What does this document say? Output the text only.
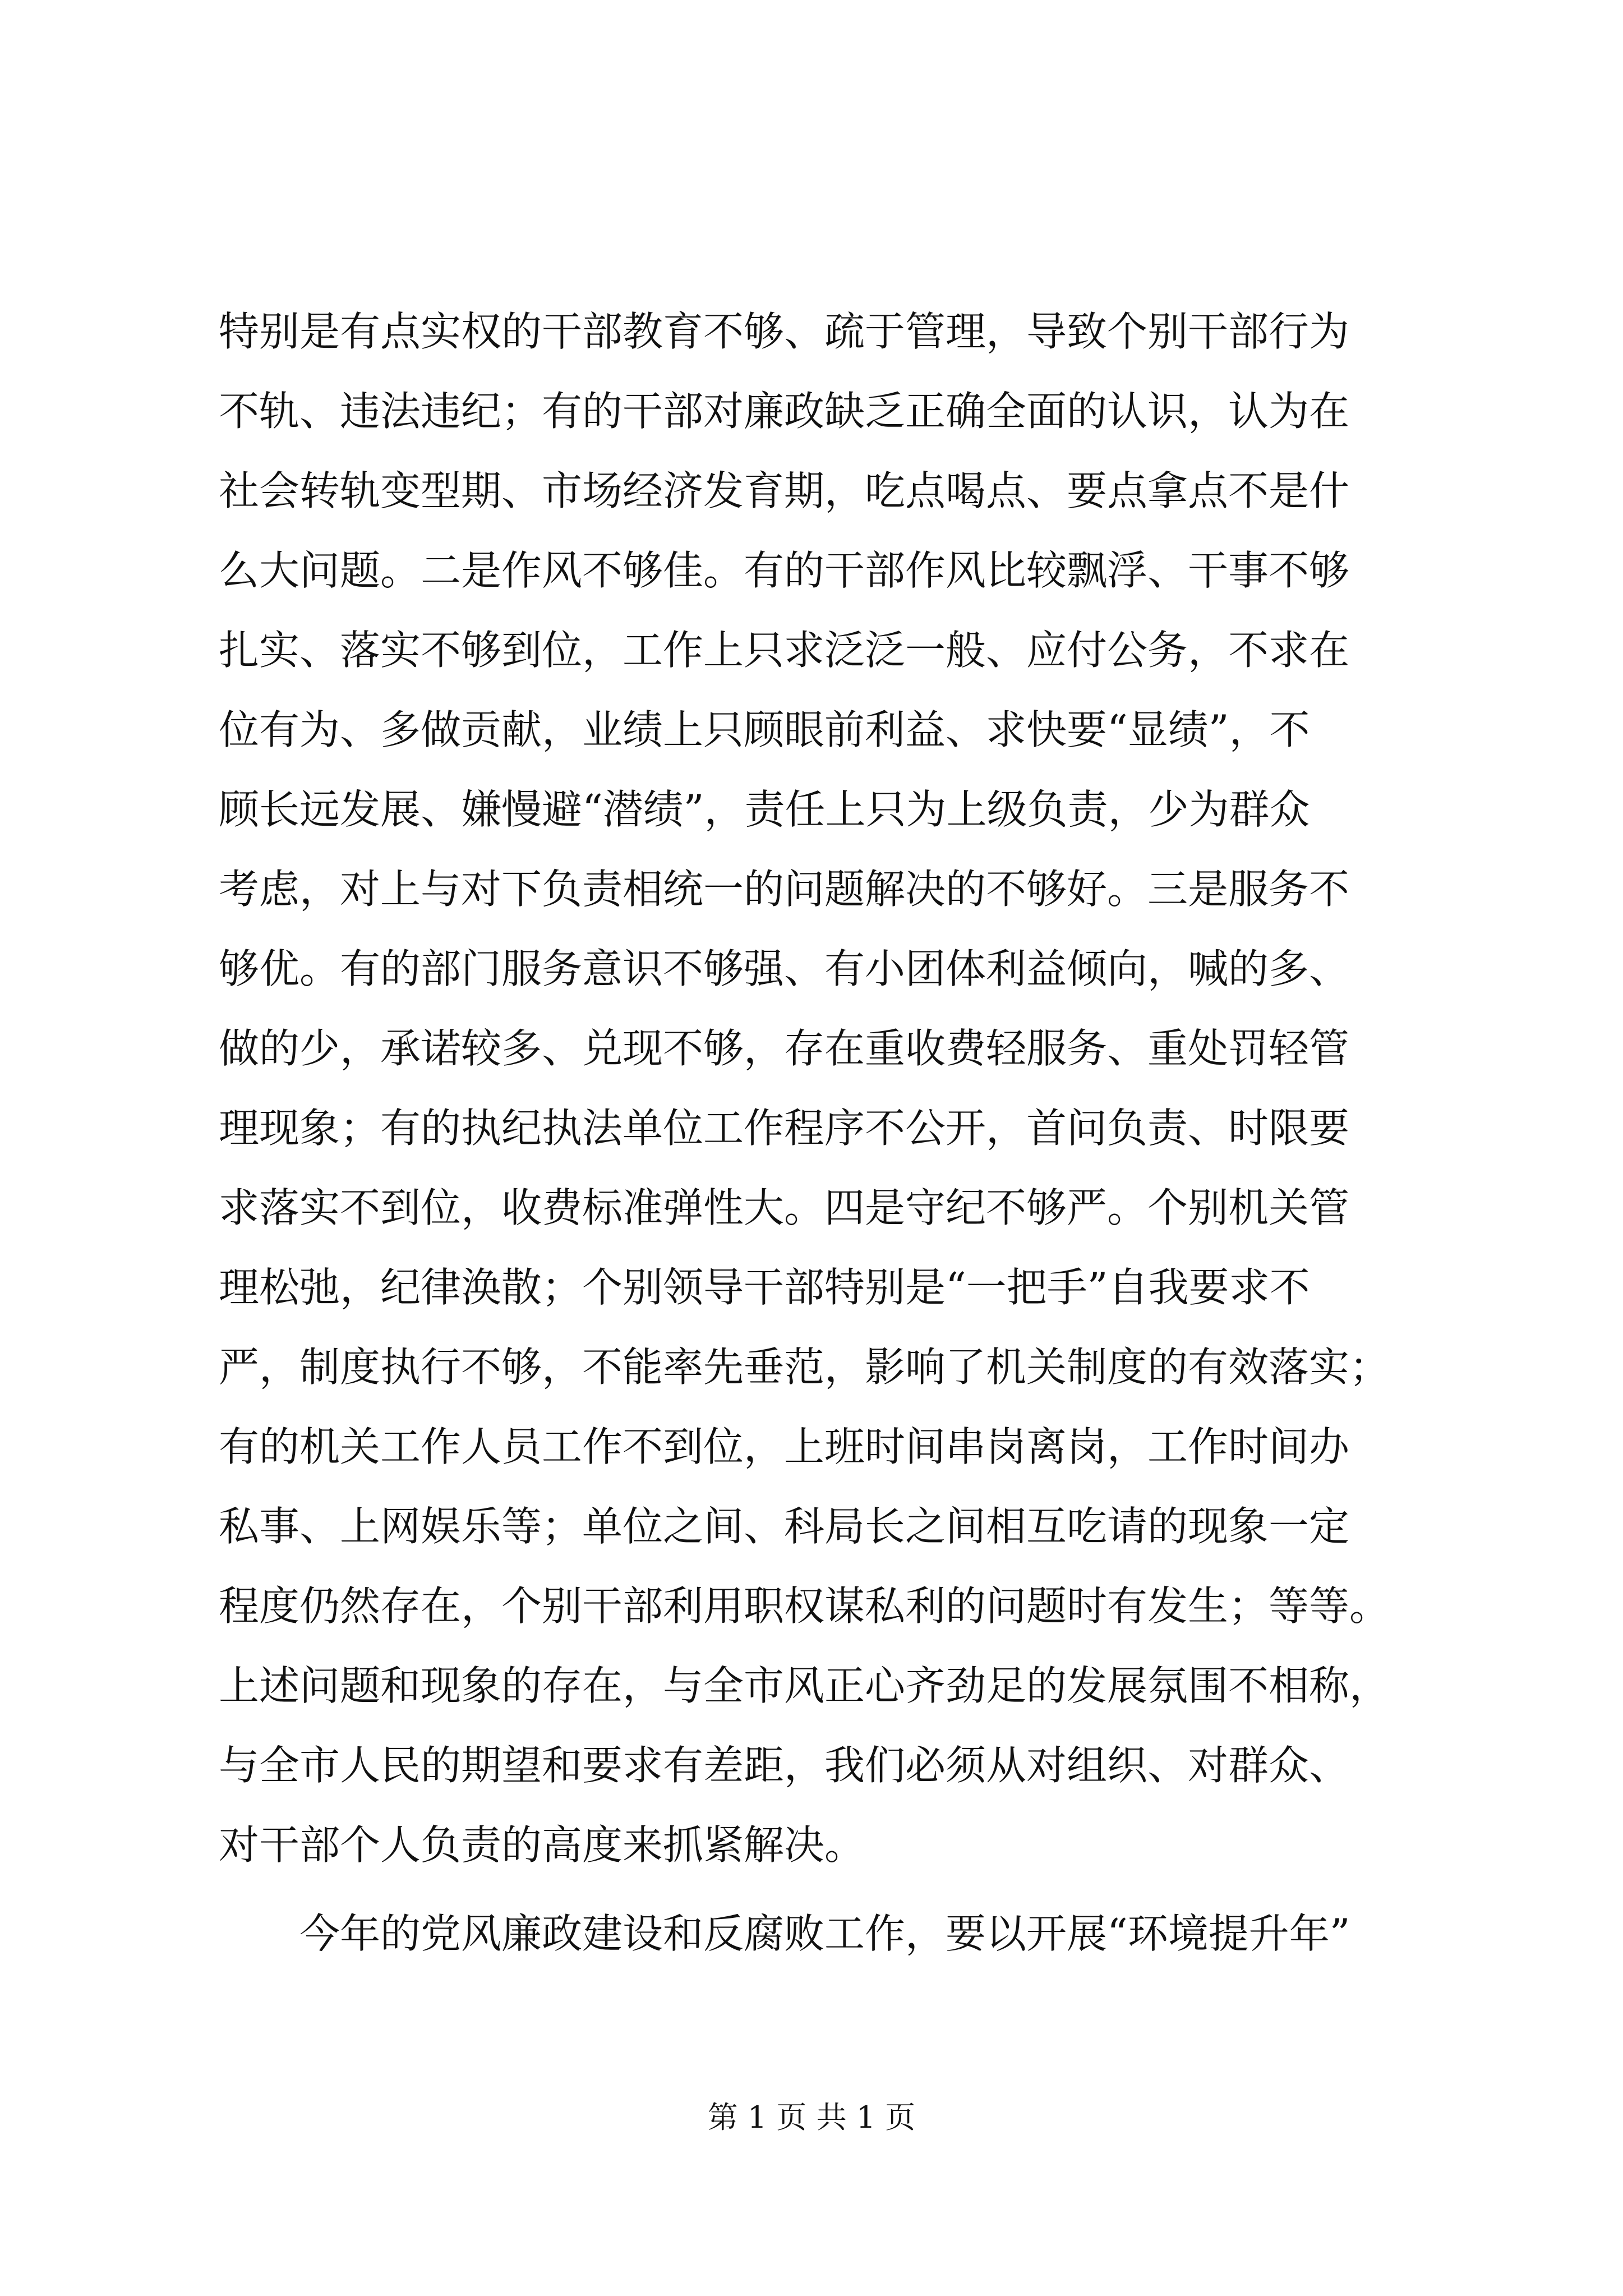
特别是有点实权的干部教育不够、疏于管理，导致个别干部行为
不轨、违法违纪；有的干部对廉政缺乏正确全面的认识，认为在
社会转轨变型期、市场经济发育期，吃点喝点、要点拿点不是什
么大问题。二是作风不够佳。有的干部作风比较飘浮、干事不够
扎实、落实不够到位，工作上只求泛泛一般、应付公务，不求在
位有为、多做贡献，业绩上只顾眼前利益、求快要“显绩”，不
顾长远发展、嫌慢避“潜绩”，责任上只为上级负责，少为群众
考虑，对上与对下负责相统一的问题解决的不够好。三是服务不
够优。有的部门服务意识不够强、有小团体利益倾向，喊的多、
做的少，承诺较多、兑现不够，存在重收费轻服务、重处罚轻管
理现象；有的执纪执法单位工作程序不公开，首问负责、时限要
求落实不到位，收费标准弹性大。四是守纪不够严。个别机关管
理松弛，纪律涣散；个别领导干部特别是“一把手”自我要求不
严，制度执行不够，不能率先垂范，影响了机关制度的有效落实；
有的机关工作人员工作不到位，上班时间串岗离岗，工作时间办
私事、上网娱乐等；单位之间、科局长之间相互吃请的现象一定
程度仍然存在，个别干部利用职权谋私利的问题时有发生；等等。
上述问题和现象的存在，与全市风正心齐劲足的发展氛围不相称，
与全市人民的期望和要求有差距，我们必须从对组织、对群众、
对干部个人负责的高度来抓紧解决。
今年的党风廉政建设和反腐败工作，要以开展“环境提升年”
第 1 页 共 1 页
